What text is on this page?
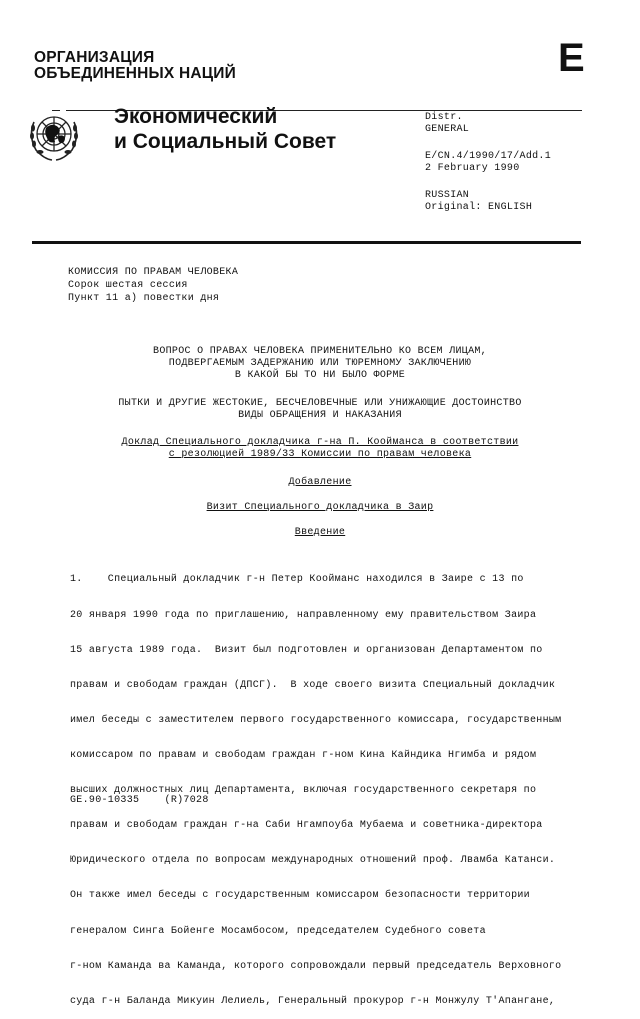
ОРГАНИЗАЦИЯ
ОБЪЕДИНЕННЫХ НАЦИЙ	E
Экономический
и Социальный Совет
Distr.
GENERAL
E/CN.4/1990/17/Add.1
2 February 1990
RUSSIAN
Original: ENGLISH
КОМИССИЯ ПО ПРАВАМ ЧЕЛОВЕКА
Сорок шестая сессия
Пункт 11 а) повестки дня
ВОПРОС О ПРАВАХ ЧЕЛОВЕКА ПРИМЕНИТЕЛЬНО КО ВСЕМ ЛИЦАМ,
ПОДВЕРГАЕМЫМ ЗАДЕРЖАНИЮ ИЛИ ТЮРЕМНОМУ ЗАКЛЮЧЕНИЮ
В КАКОЙ БЫ ТО НИ БЫЛО ФОРМЕ
ПЫТКИ И ДРУГИЕ ЖЕСТОКИЕ, БЕСЧЕЛОВЕЧНЫЕ ИЛИ УНИЖАЮЩИЕ ДОСТОИНСТВО
ВИДЫ ОБРАЩЕНИЯ И НАКАЗАНИЯ
Доклад Специального докладчика г-на П. Коойманса в соответствии
с резолюцией 1989/33 Комиссии по правам человека
Добавление
Визит Специального докладчика в Заир
Введение

1.    Специальный докладчик г-н Петер Коойманс находился в Заире с 13 по

20 января 1990 года по приглашению, направленному ему правительством Заира

15 августа 1989 года.  Визит был подготовлен и организован Департаментом по

правам и свободам граждан (ДПСГ).  В ходе своего визита Специальный докладчик

имел беседы с заместителем первого государственного комиссара, государственным

комиссаром по правам и свободам граждан г-ном Кина Кайндика Нгимба и рядом

высших должностных лиц Департамента, включая государственного секретаря по

правам и свободам граждан г-на Саби Нгампоуба Мубаема и советника-директора

Юридического отдела по вопросам международных отношений проф. Лвамба Катанси.

Он также имел беседы с государственным комиссаром безопасности территории

генералом Сингa Бойенге Мосамбосом, председателем Судебного совета

г-ном Каманда ва Каманда, которого сопровождали первый председатель Верховного

суда г-н Баланда Микуин Лелиель, Генеральный прокурор г-н Монжулу Т'Апангане,

GE.90-10335    (R)7028
